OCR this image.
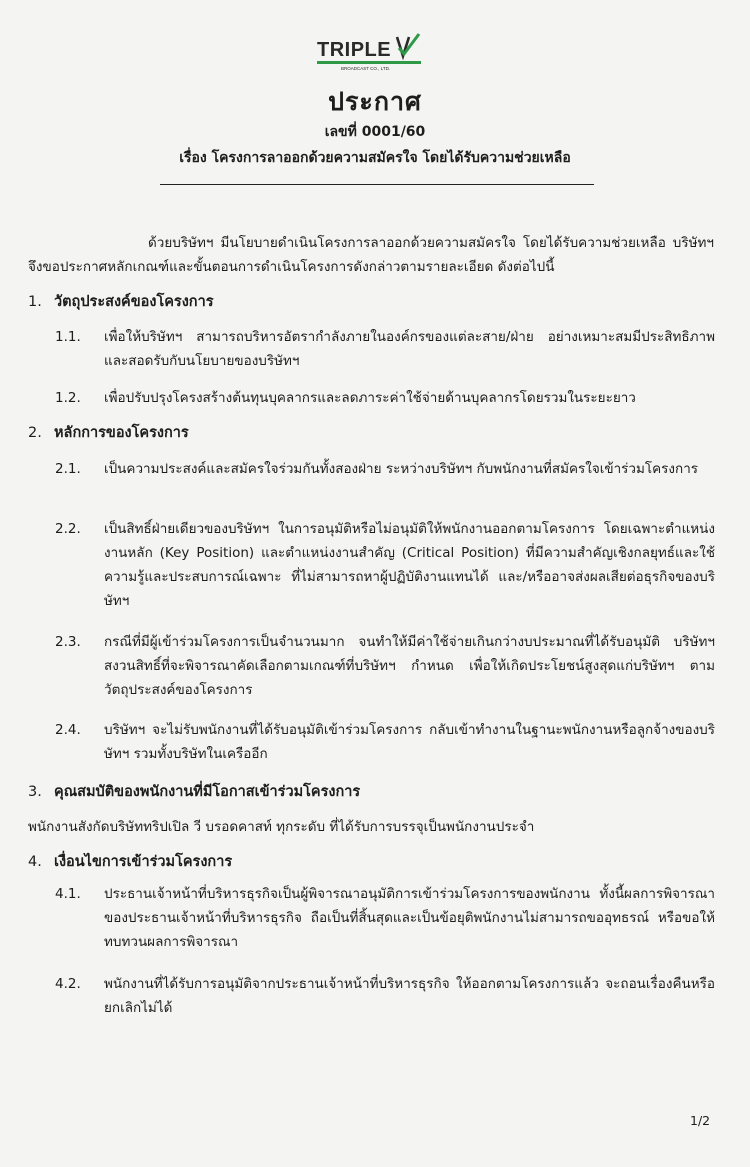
TRIPLE
BROADCAST CO., LTD.
ประกาศ
เลขที่ 0001/60
เรื่อง โครงการลาออกด้วยความสมัครใจ โดยได้รับความช่วยเหลือ
ด้วยบริษัทฯ มีนโยบายดำเนินโครงการลาออกด้วยความสมัครใจ โดยได้รับความช่วยเหลือ บริษัทฯ จึงขอประกาศหลักเกณฑ์และขั้นตอนการดำเนินโครงการดังกล่าวตามรายละเอียด ดังต่อไปนี้
1. วัตถุประสงค์ของโครงการ
1.1.	เพื่อให้บริษัทฯ สามารถบริหารอัตรากำลังภายในองค์กรของแต่ละสาย/ฝ่าย อย่างเหมาะสมมีประสิทธิภาพและสอดรับกับนโยบายของบริษัทฯ
1.2.	เพื่อปรับปรุงโครงสร้างต้นทุนบุคลากรและลดภาระค่าใช้จ่ายด้านบุคลากรโดยรวมในระยะยาว
2. หลักการของโครงการ
2.1.	เป็นความประสงค์และสมัครใจร่วมกันทั้งสองฝ่าย ระหว่างบริษัทฯ กับพนักงานที่สมัครใจเข้าร่วมโครงการ
2.2.	เป็นสิทธิ์ฝ่ายเดียวของบริษัทฯ ในการอนุมัติหรือไม่อนุมัติให้พนักงานออกตามโครงการ โดยเฉพาะตำแหน่งงานหลัก (Key Position) และตำแหน่งงานสำคัญ (Critical Position) ที่มีความสำคัญเชิงกลยุทธ์และใช้ความรู้และประสบการณ์เฉพาะ ที่ไม่สามารถหาผู้ปฏิบัติงานแทนได้ และ/หรืออาจส่งผลเสียต่อธุรกิจของบริษัทฯ
2.3.	กรณีที่มีผู้เข้าร่วมโครงการเป็นจำนวนมาก จนทำให้มีค่าใช้จ่ายเกินกว่างบประมาณที่ได้รับอนุมัติ บริษัทฯ สงวนสิทธิ์ที่จะพิจารณาคัดเลือกตามเกณฑ์ที่บริษัทฯ กำหนด เพื่อให้เกิดประโยชน์สูงสุดแก่บริษัทฯ ตามวัตถุประสงค์ของโครงการ
2.4.	บริษัทฯ จะไม่รับพนักงานที่ได้รับอนุมัติเข้าร่วมโครงการ กลับเข้าทำงานในฐานะพนักงานหรือลูกจ้างของบริษัทฯ รวมทั้งบริษัทในเครืออีก
3. คุณสมบัติของพนักงานที่มีโอกาสเข้าร่วมโครงการ
พนักงานสังกัดบริษัททริปเปิล วี บรอดคาสท์ ทุกระดับ ที่ได้รับการบรรจุเป็นพนักงานประจำ
4. เงื่อนไขการเข้าร่วมโครงการ
4.1.	ประธานเจ้าหน้าที่บริหารธุรกิจเป็นผู้พิจารณาอนุมัติการเข้าร่วมโครงการของพนักงาน ทั้งนี้ผลการพิจารณาของประธานเจ้าหน้าที่บริหารธุรกิจ ถือเป็นที่สิ้นสุดและเป็นข้อยุติพนักงานไม่สามารถขออุทธรณ์ หรือขอให้ทบทวนผลการพิจารณา
4.2.	พนักงานที่ได้รับการอนุมัติจากประธานเจ้าหน้าที่บริหารธุรกิจ ให้ออกตามโครงการแล้ว จะถอนเรื่องคืนหรือยกเลิกไม่ได้
1/2
